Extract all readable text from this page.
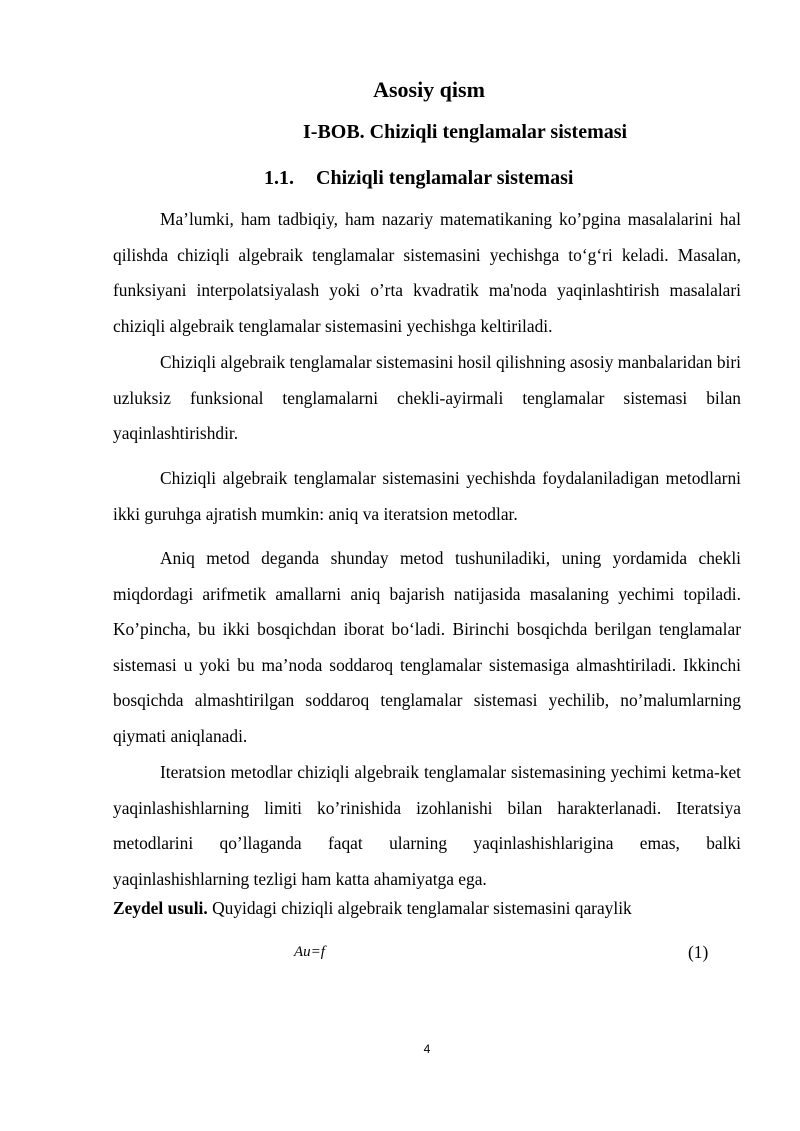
Asosiy qism
I-BOB. Chiziqli tenglamalar sistemasi
1.1. Chiziqli tenglamalar sistemasi

Ma’lumki, ham tadbiqiy, ham nazariy matematikaning ko’pgina masalalarini hal qilishda chiziqli algebraik tenglamalar sistemasini yechishga to‘g‘ri keladi. Masalan, funksiyani interpolatsiyalash yoki o’rta kvadratik ma'noda yaqinlashtirish masalalari chiziqli algebraik tenglamalar sistemasini yechishga keltiriladi.

Chiziqli algebraik tenglamalar sistemasini hosil qilishning asosiy manbalaridan biri uzluksiz funksional tenglamalarni chekli-ayirmali tenglamalar sistemasi bilan yaqinlashtirishdir.

Chiziqli algebraik tenglamalar sistemasini yechishda foydalaniladigan metodlarni ikki guruhga ajratish mumkin: aniq va iteratsion metodlar.

Aniq metod deganda shunday metod tushuniladiki, uning yordamida chekli miqdordagi arifmetik amallarni aniq bajarish natijasida masalaning yechimi topiladi. Ko’pincha, bu ikki bosqichdan iborat bo‘ladi. Birinchi bosqichda berilgan tenglamalar sistemasi u yoki bu ma’noda soddaroq tenglamalar sistemasiga almashtiriladi. Ikkinchi bosqichda almashtirilgan soddaroq tenglamalar sistemasi yechilib, no’malumlarning qiymati aniqlanadi.

Iteratsion metodlar chiziqli algebraik tenglamalar sistemasining yechimi ketma-ket yaqinlashishlarning limiti ko’rinishida izohlanishi bilan harakterlanadi. Iteratsiya metodlarini qo’llaganda faqat ularning yaqinlashishlarigina emas, balki yaqinlashishlarning tezligi ham katta ahamiyatga ega.

Zeydel usuli. Quyidagi chiziqli algebraik tenglamalar sistemasini qaraylik

Au=f	(1)
4
